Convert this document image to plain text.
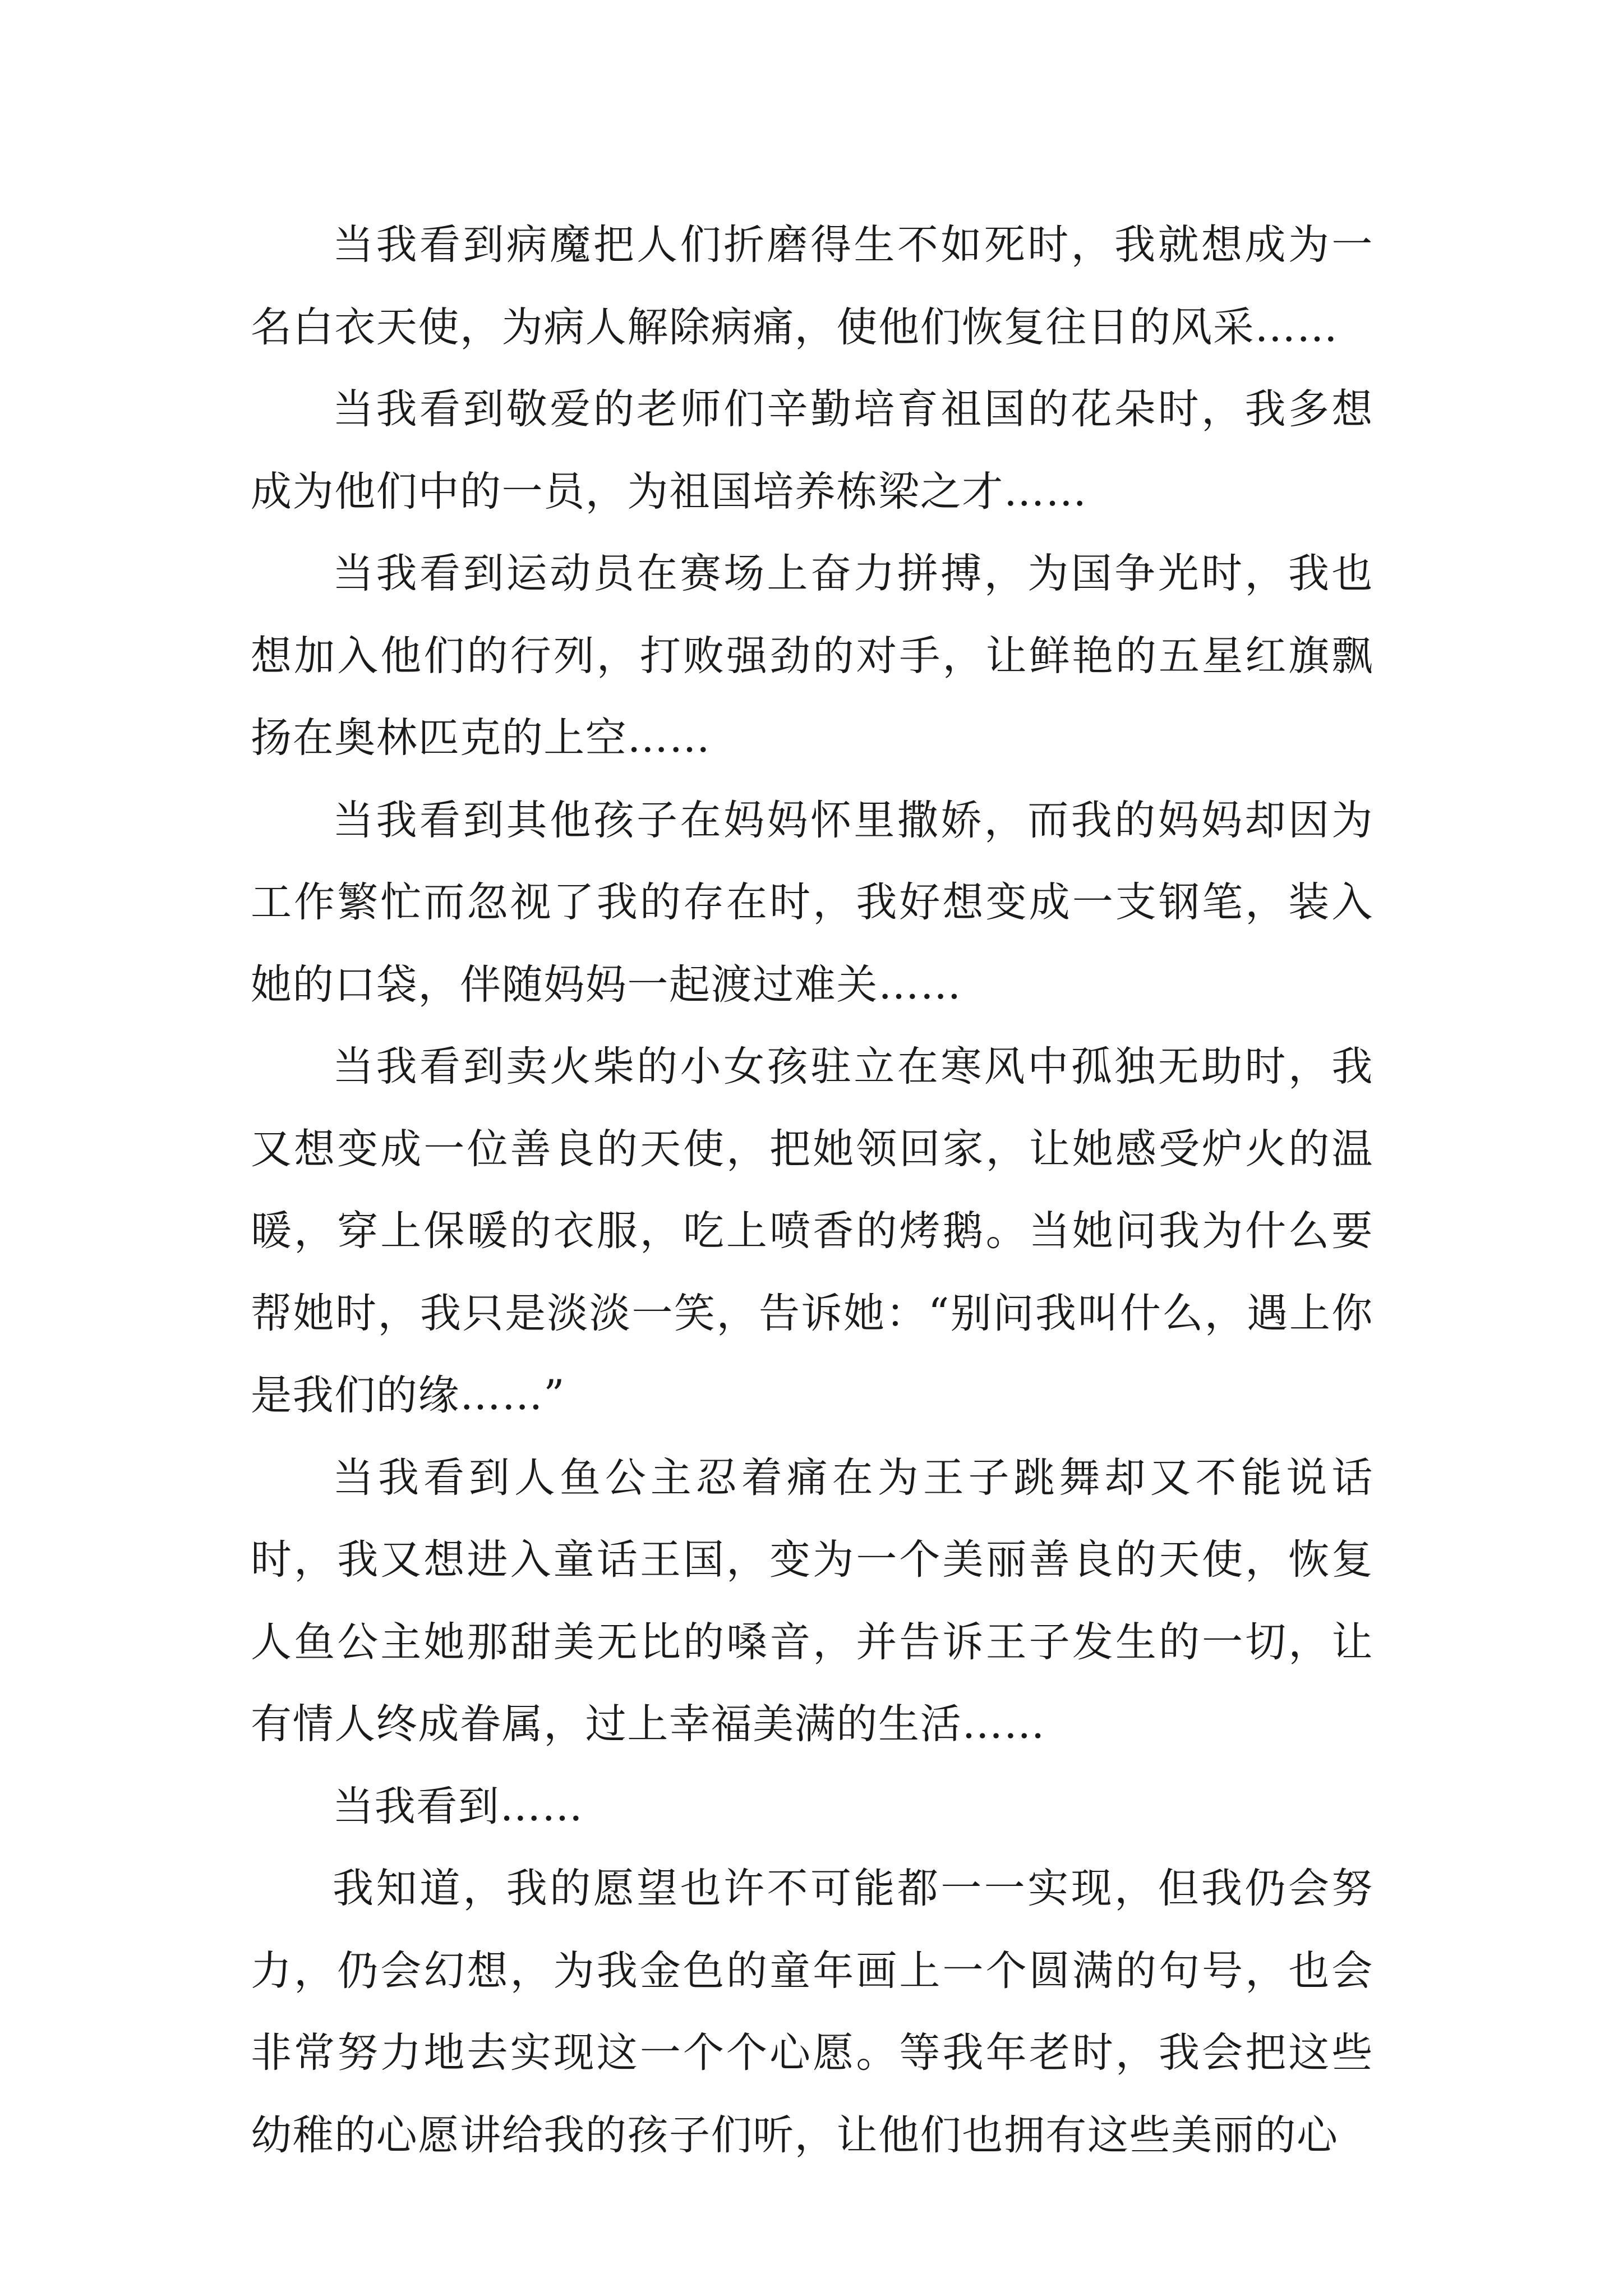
当我看到病魔把人们折磨得生不如死时，我就想成为一名白衣天使，为病人解除病痛，使他们恢复往日的风采……

当我看到敬爱的老师们辛勤培育祖国的花朵时，我多想成为他们中的一员，为祖国培养栋梁之才……

当我看到运动员在赛场上奋力拼搏，为国争光时，我也想加入他们的行列，打败强劲的对手，让鲜艳的五星红旗飘扬在奥林匹克的上空……

当我看到其他孩子在妈妈怀里撒娇，而我的妈妈却因为工作繁忙而忽视了我的存在时，我好想变成一支钢笔，装入她的口袋，伴随妈妈一起渡过难关……

当我看到卖火柴的小女孩驻立在寒风中孤独无助时，我又想变成一位善良的天使，把她领回家，让她感受炉火的温暖，穿上保暖的衣服，吃上喷香的烤鹅。当她问我为什么要帮她时，我只是淡淡一笑，告诉她：“别问我叫什么，遇上你是我们的缘……”

当我看到人鱼公主忍着痛在为王子跳舞却又不能说话时，我又想进入童话王国，变为一个美丽善良的天使，恢复人鱼公主她那甜美无比的嗓音，并告诉王子发生的一切，让有情人终成眷属，过上幸福美满的生活……

当我看到……

我知道，我的愿望也许不可能都一一实现，但我仍会努力，仍会幻想，为我金色的童年画上一个圆满的句号，也会非常努力地去实现这一个个心愿。等我年老时，我会把这些幼稚的心愿讲给我的孩子们听，让他们也拥有这些美丽的心
